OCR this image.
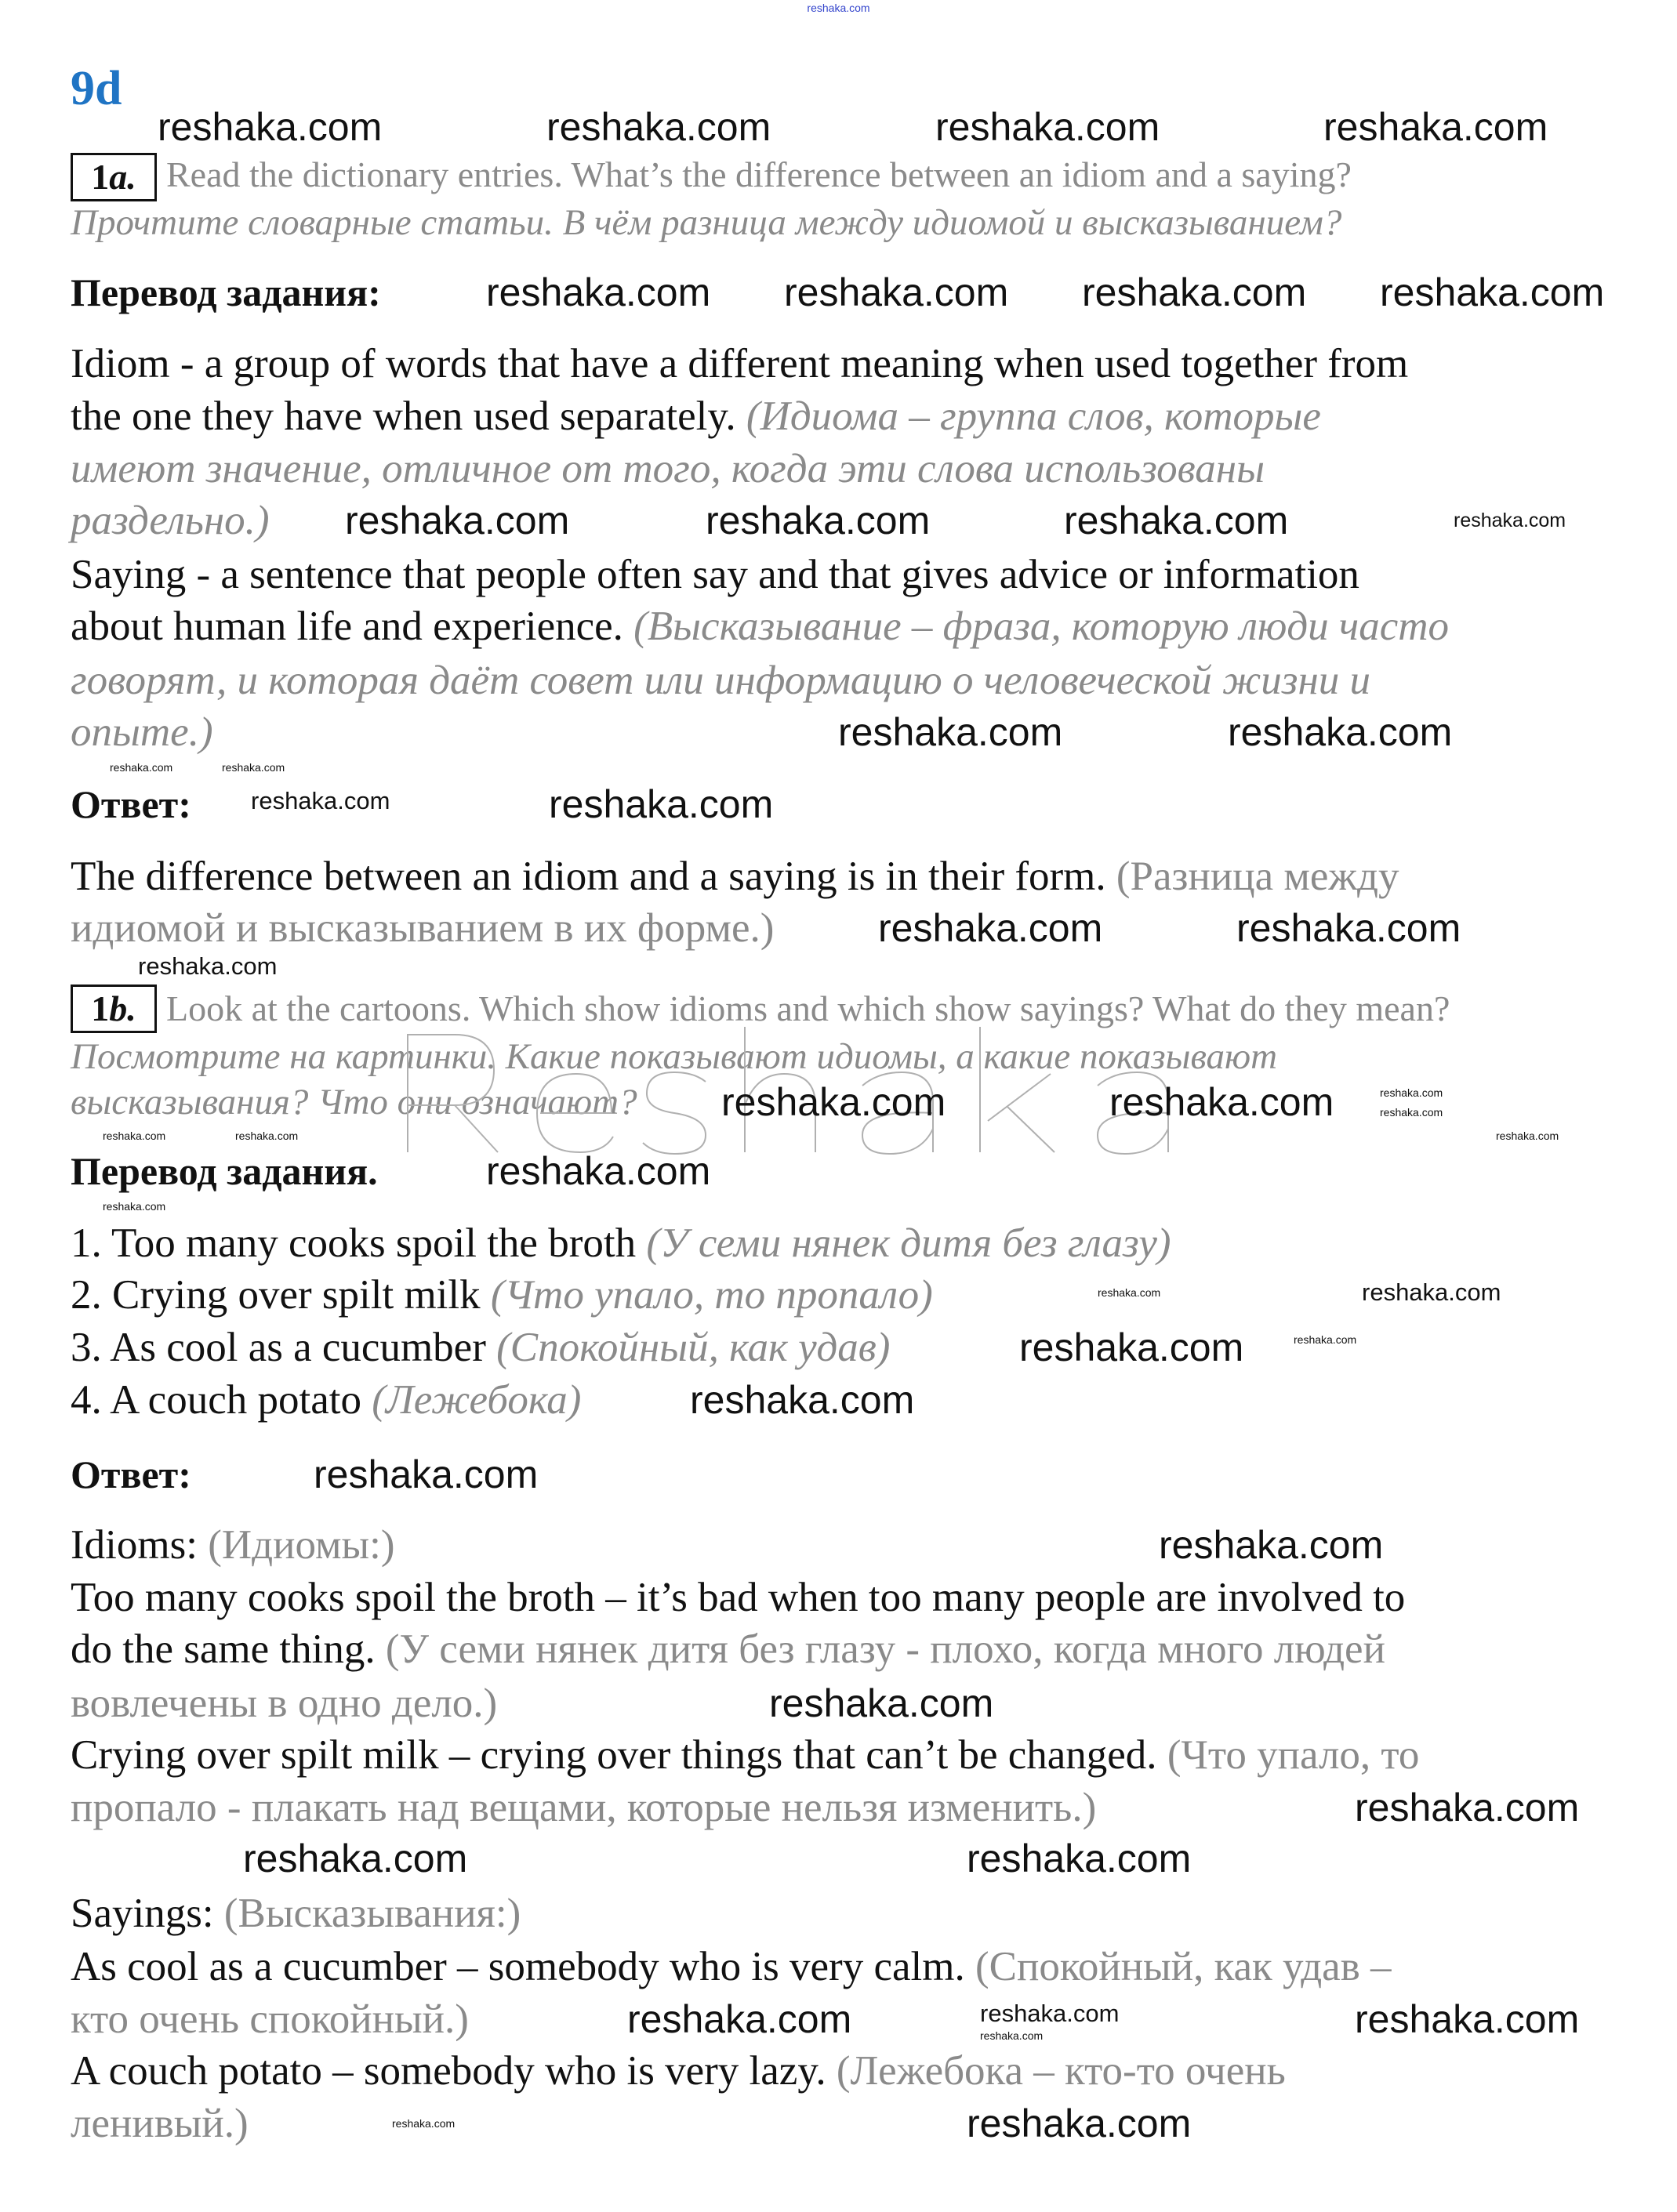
reshaka.com
9d
1a. Read the dictionary entries. What’s the difference between an idiom and a saying?
Прочтите словарные статьи. В чём разница между идиомой и высказыванием?
Перевод задания:
Ответ:
1b. Look at the cartoons. Which show idioms and which show sayings? What do they mean?
Посмотрите на картинки. Какие показывают идиомы, а какие показывают
высказывания? Что они означают?
Перевод задания.
Ответ:
Idiom - a group of words that have a different meaning when used together from
the one they have when used separately. (Идиома – группа слов, которые
имеют значение, отличное от того, когда эти слова использованы
раздельно.)
Saying - a sentence that people often say and that gives advice or information
about human life and experience. (Высказывание – фраза, которую люди часто
говорят, и которая даёт совет или информацию о человеческой жизни и
опыте.)
The difference between an idiom and a saying is in their form. (Разница между
идиомой и высказыванием в их форме.)
1. Too many cooks spoil the broth (У семи нянек дитя без глазу)
2. Crying over spilt milk (Что упало, то пропало)
3. As cool as a cucumber (Спокойный, как удав)
4. A couch potato (Лежебока)
Idioms: (Идиомы:)
Too many cooks spoil the broth – it’s bad when too many people are involved to
do the same thing. (У семи нянек дитя без глазу - плохо, когда много людей
вовлечены в одно дело.)
Crying over spilt milk – crying over things that can’t be changed. (Что упало, то
пропало - плакать над вещами, которые нельзя изменить.)
Sayings: (Высказывания:)
As cool as a cucumber – somebody who is very calm. (Спокойный, как удав –
кто очень спокойный.)
A couch potato – somebody who is very lazy. (Лежебока – кто-то очень
ленивый.)
reshaka.com	reshaka.com	reshaka.com	reshaka.com
reshaka.com reshaka.com reshaka.com reshaka.com
reshaka.com	reshaka.com	reshaka.com	reshaka.com
reshaka.com	reshaka.com
reshaka.com
reshaka.com
reshaka.com	reshaka.com
reshaka.com	reshaka.com
reshaka.com
reshaka.com
reshaka.com
reshaka.com
reshaka.com	reshaka.com
reshaka.com	reshaka.com
reshaka.com
reshaka.com
reshaka.com	reshaka.com
reshaka.com
reshaka.com
reshaka.com
reshaka.com
reshaka.com
reshaka.com
reshaka.com
reshaka.com	reshaka.com
reshaka.com
reshaka.com	reshaka.com
reshaka.com
reshaka.com	reshaka.com
